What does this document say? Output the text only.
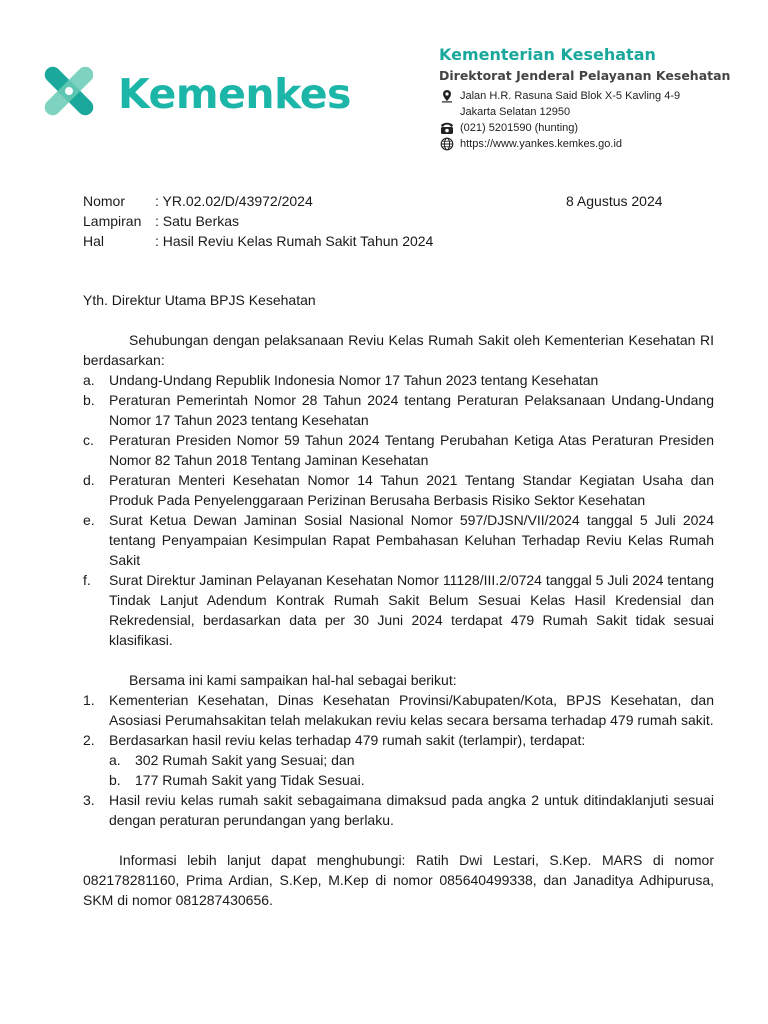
Kemenkes
Kementerian Kesehatan
Direktorat Jenderal Pelayanan Kesehatan
Jalan H.R. Rasuna Said Blok X-5 Kavling 4-9
Jakarta Selatan 12950
(021) 5201590 (hunting)
https://www.yankes.kemkes.go.id
Nomor	: YR.02.02/D/43972/2024
Lampiran : Satu Berkas
Hal	: Hasil Reviu Kelas Rumah Sakit Tahun 2024
8 Agustus 2024
Yth. Direktur Utama BPJS Kesehatan

Sehubungan dengan pelaksanaan Reviu Kelas Rumah Sakit oleh Kementerian Kesehatan RI berdasarkan:

a.	Undang-Undang Republik Indonesia Nomor 17 Tahun 2023 tentang Kesehatan
b.	Peraturan Pemerintah Nomor 28 Tahun 2024 tentang Peraturan Pelaksanaan Undang-Undang Nomor 17 Tahun 2023 tentang Kesehatan
c.	Peraturan Presiden Nomor 59 Tahun 2024 Tentang Perubahan Ketiga Atas Peraturan Presiden Nomor 82 Tahun 2018 Tentang Jaminan Kesehatan
d.	Peraturan Menteri Kesehatan Nomor 14 Tahun 2021 Tentang Standar Kegiatan Usaha dan Produk Pada Penyelenggaraan Perizinan Berusaha Berbasis Risiko Sektor Kesehatan
e.	Surat Ketua Dewan Jaminan Sosial Nasional Nomor 597/DJSN/VII/2024 tanggal 5 Juli 2024 tentang Penyampaian Kesimpulan Rapat Pembahasan Keluhan Terhadap Reviu Kelas Rumah Sakit
f.	Surat Direktur Jaminan Pelayanan Kesehatan Nomor 11128/III.2/0724 tanggal 5 Juli 2024 tentang Tindak Lanjut Adendum Kontrak Rumah Sakit Belum Sesuai Kelas Hasil Kredensial dan Rekredensial, berdasarkan data per 30 Juni 2024 terdapat 479 Rumah Sakit tidak sesuai klasifikasi.

Bersama ini kami sampaikan hal-hal sebagai berikut:

1.	Kementerian Kesehatan, Dinas Kesehatan Provinsi/Kabupaten/Kota, BPJS Kesehatan, dan Asosiasi Perumahsakitan telah melakukan reviu kelas secara bersama terhadap 479 rumah sakit.
2.	Berdasarkan hasil reviu kelas terhadap 479 rumah sakit (terlampir), terdapat:
a.	302 Rumah Sakit yang Sesuai; dan
b.	177 Rumah Sakit yang Tidak Sesuai.
3.	Hasil reviu kelas rumah sakit sebagaimana dimaksud pada angka 2 untuk ditindaklanjuti sesuai dengan peraturan perundangan yang berlaku.

Informasi lebih lanjut dapat menghubungi: Ratih Dwi Lestari, S.Kep. MARS di nomor 082178281160, Prima Ardian, S.Kep, M.Kep di nomor 085640499338, dan Janaditya Adhipurusa, SKM di nomor 081287430656.
